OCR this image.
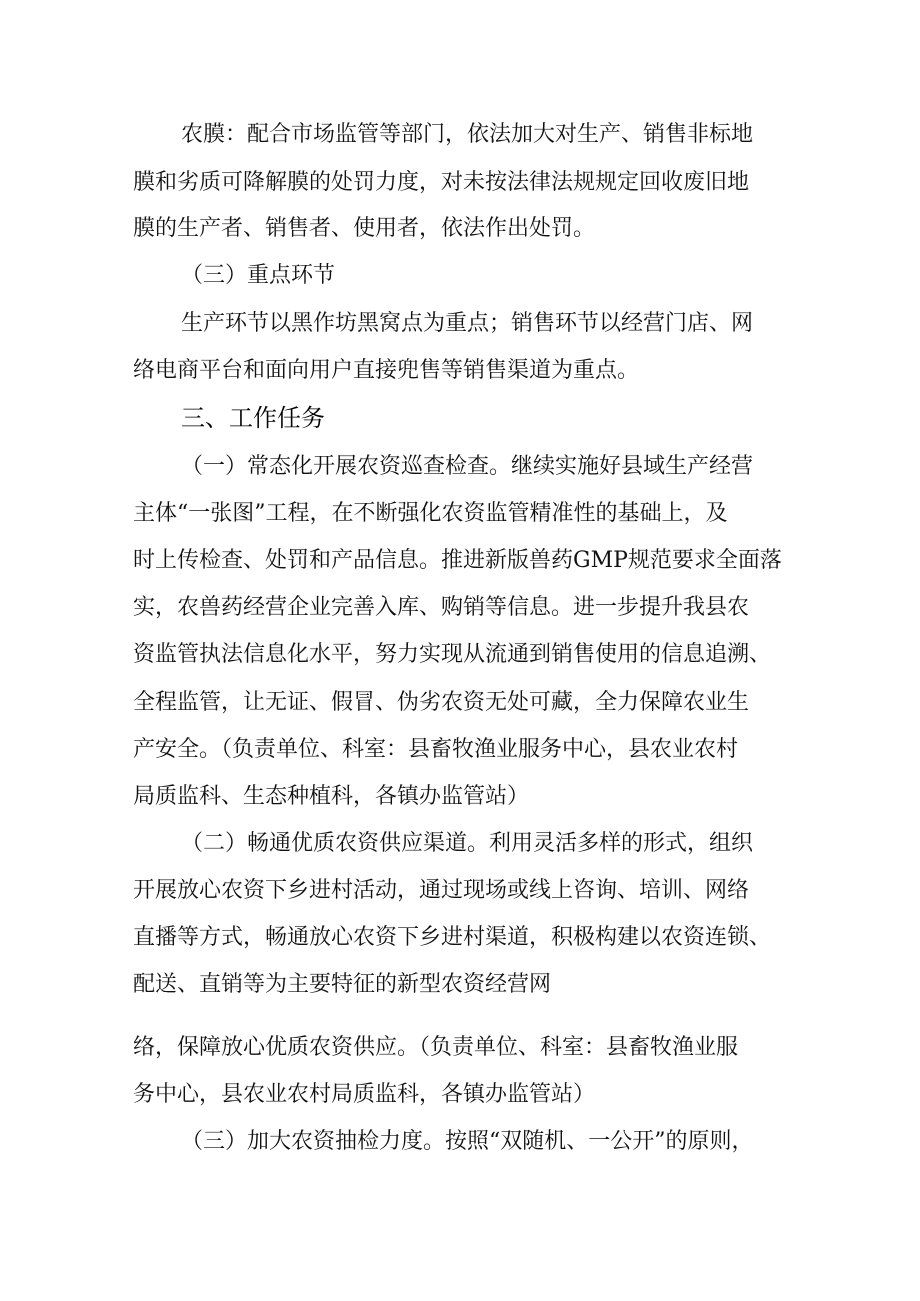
农膜：配合市场监管等部门，依法加大对生产、销售非标地
膜和劣质可降解膜的处罚力度，对未按法律法规规定回收废旧地
膜的生产者、销售者、使用者，依法作出处罚。
（三）重点环节
生产环节以黑作坊黑窝点为重点；销售环节以经营门店、网
络电商平台和面向用户直接兜售等销售渠道为重点。
三、工作任务
（一）常态化开展农资巡查检查。继续实施好县域生产经营
主体“一张图”工程，在不断强化农资监管精准性的基础上，及
时上传检查、处罚和产品信息。推进新版兽药GMP规范要求全面落
实，农兽药经营企业完善入库、购销等信息。进一步提升我县农
资监管执法信息化水平，努力实现从流通到销售使用的信息追溯、
全程监管，让无证、假冒、伪劣农资无处可藏，全力保障农业生
产安全。（负责单位、科室：县畜牧渔业服务中心，县农业农村
局质监科、生态种植科，各镇办监管站）
（二）畅通优质农资供应渠道。利用灵活多样的形式，组织
开展放心农资下乡进村活动，通过现场或线上咨询、培训、网络
直播等方式，畅通放心农资下乡进村渠道，积极构建以农资连锁、
配送、直销等为主要特征的新型农资经营网
络，保障放心优质农资供应。（负责单位、科室：县畜牧渔业服
务中心，县农业农村局质监科，各镇办监管站）
（三）加大农资抽检力度。按照“双随机、一公开”的原则，
